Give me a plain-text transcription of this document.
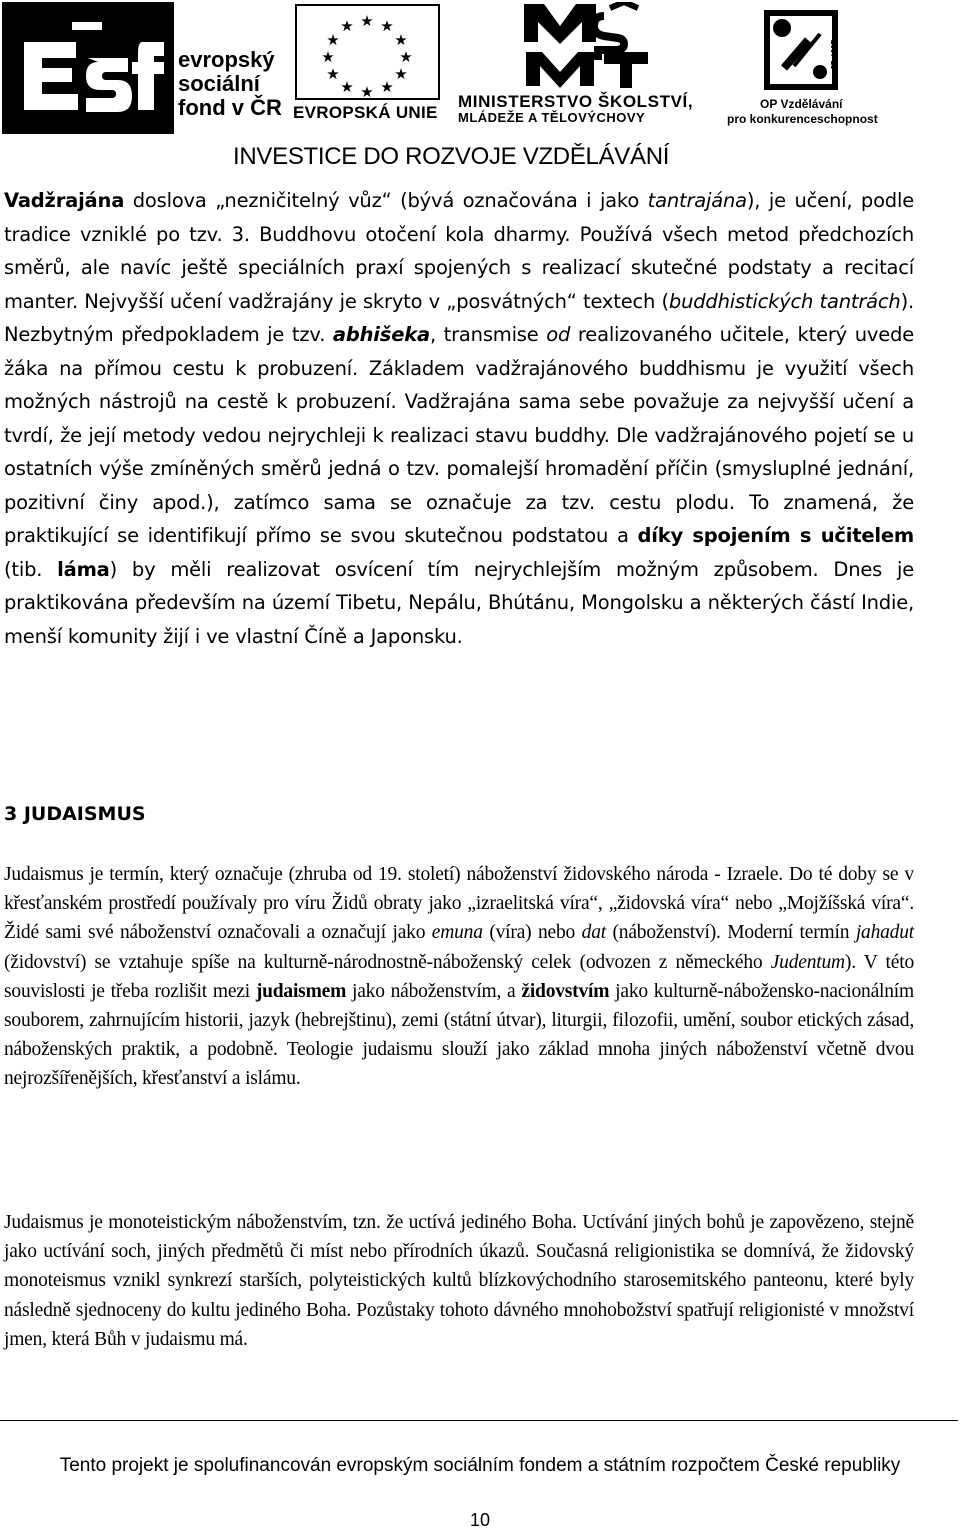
evropský
sociální
fond v ČR
★ ★
★
★
★
★
★
★
★
★
★
★
EVROPSKÁ UNIE
MINISTERSTVO ŠKOLSTVÍ,
MLÁDEŽE A TĚLOVÝCHOVY
2007-13
OP Vzdělávání
pro konkurenceschopnost
INVESTICE DO ROZVOJE VZDĚLÁVÁNÍ

Vadžrajána doslova „nezničitelný vůz“ (bývá označována i jako tantrajána), je učení, podle tradice vzniklé po tzv. 3. Buddhovu otočení kola dharmy. Používá všech metod předchozích směrů, ale navíc ještě speciálních praxí spojených s realizací skutečné podstaty a recitací manter. Nejvyšší učení vadžrajány je skryto v „posvátných“ textech (buddhistických tantrách). Nezbytným předpokladem je tzv. abhišeka, transmise od realizovaného učitele, který uvede žáka na přímou cestu k probuzení. Základem vadžrajánového buddhismu je využití všech možných nástrojů na cestě k probuzení. Vadžrajána sama sebe považuje za nejvyšší učení a tvrdí, že její metody vedou nejrychleji k realizaci stavu buddhy. Dle vadžrajánového pojetí se u ostatních výše zmíněných směrů jedná o tzv. pomalejší hromadění příčin (smysluplné jednání, pozitivní činy apod.), zatímco sama se označuje za tzv. cestu plodu. To znamená, že praktikující se identifikují přímo se svou skutečnou podstatou a díky spojením s učitelem (tib. láma) by měli realizovat osvícení tím nejrychlejším možným způsobem. Dnes je praktikována především na území Tibetu, Nepálu, Bhútánu, Mongolsku a některých částí Indie, menší komunity žijí i ve vlastní Číně a Japonsku.

3 JUDAISMUS

Judaismus je termín, který označuje (zhruba od 19. století) náboženství židovského národa - Izraele. Do té doby se v křesťanském prostředí používaly pro víru Židů obraty jako „izraelitská víra“, „židovská víra“ nebo „Mojžíšská víra“. Židé sami své náboženství označovali a označují jako emuna (víra) nebo dat (náboženství). Moderní termín jahadut (židovství) se vztahuje spíše na kulturně-národnostně-náboženský celek (odvozen z německého Judentum). V této souvislosti je třeba rozlišit mezi judaismem jako náboženstvím, a židovstvím jako kulturně-nábožensko-nacionálním souborem, zahrnujícím historii, jazyk (hebrejštinu), zemi (státní útvar), liturgii, filozofii, umění, soubor etických zásad, náboženských praktik, a podobně. Teologie judaismu slouží jako základ mnoha jiných náboženství včetně dvou nejrozšířenějších, křesťanství a islámu.

Judaismus je monoteistickým náboženstvím, tzn. že uctívá jediného Boha. Uctívání jiných bohů je zapovězeno, stejně jako uctívání soch, jiných předmětů či míst nebo přírodních úkazů. Současná religionistika se domnívá, že židovský monoteismus vznikl synkrezí starších, polyteistických kultů blízkovýchodního starosemitského panteonu, které byly následně sjednoceny do kultu jediného Boha. Pozůstaky tohoto dávného mnohobožství spatřují religionisté v množství jmen, která Bůh v judaismu má.

Tento projekt je spolufinancován evropským sociálním fondem a státním rozpočtem České republiky
10
